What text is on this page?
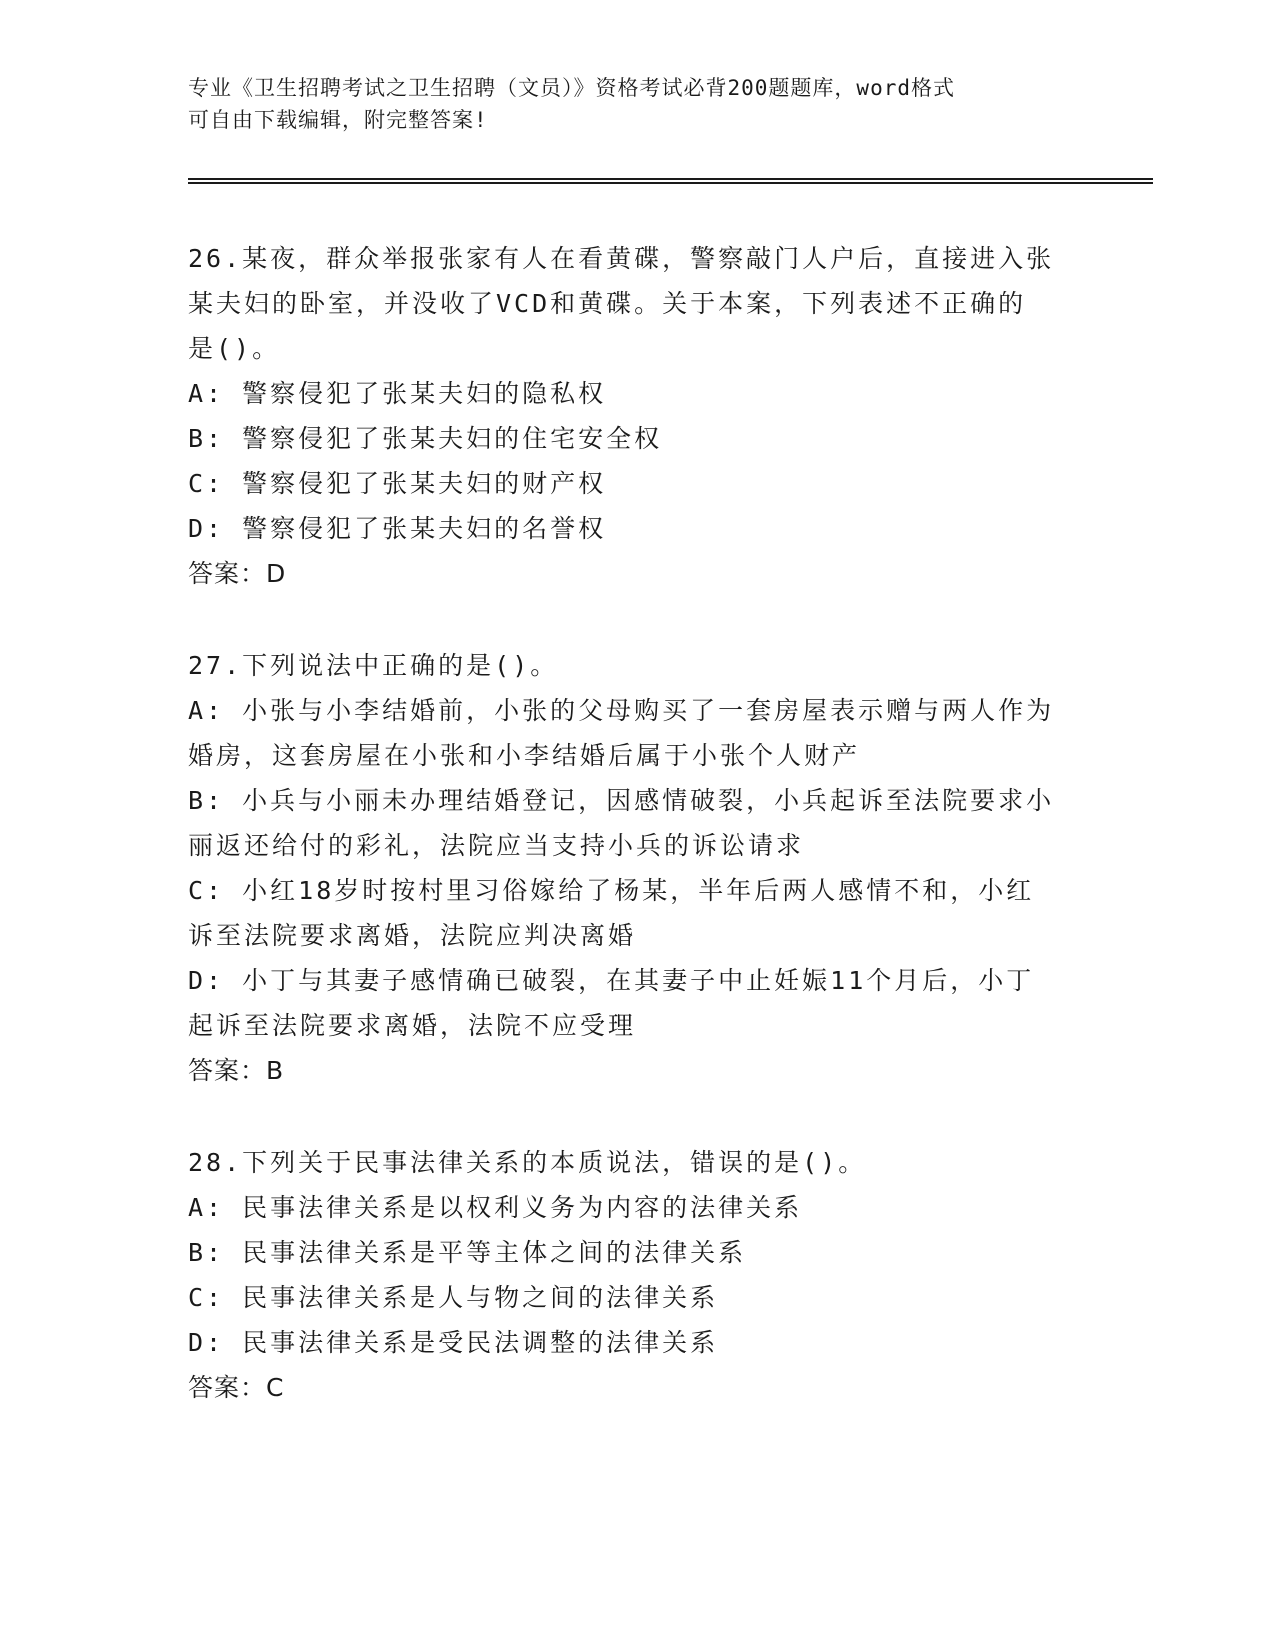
专业《卫生招聘考试之卫生招聘（文员）》资格考试必背200题题库，word格式
可自由下载编辑，附完整答案!

26.某夜，群众举报张家有人在看黄碟，警察敲门人户后，直接进入张

某夫妇的卧室，并没收了VCD和黄碟。关于本案，下列表述不正确的

是()。

A: 警察侵犯了张某夫妇的隐私权

B: 警察侵犯了张某夫妇的住宅安全权

C: 警察侵犯了张某夫妇的财产权

D: 警察侵犯了张某夫妇的名誉权

答案：D

27.下列说法中正确的是()。

A: 小张与小李结婚前，小张的父母购买了一套房屋表示赠与两人作为

婚房，这套房屋在小张和小李结婚后属于小张个人财产

B: 小兵与小丽未办理结婚登记，因感情破裂，小兵起诉至法院要求小

丽返还给付的彩礼，法院应当支持小兵的诉讼请求

C: 小红18岁时按村里习俗嫁给了杨某，半年后两人感情不和，小红

诉至法院要求离婚，法院应判决离婚

D: 小丁与其妻子感情确已破裂，在其妻子中止妊娠11个月后，小丁

起诉至法院要求离婚，法院不应受理

答案：B

28.下列关于民事法律关系的本质说法，错误的是()。

A: 民事法律关系是以权利义务为内容的法律关系

B: 民事法律关系是平等主体之间的法律关系

C: 民事法律关系是人与物之间的法律关系

D: 民事法律关系是受民法调整的法律关系

答案：C
